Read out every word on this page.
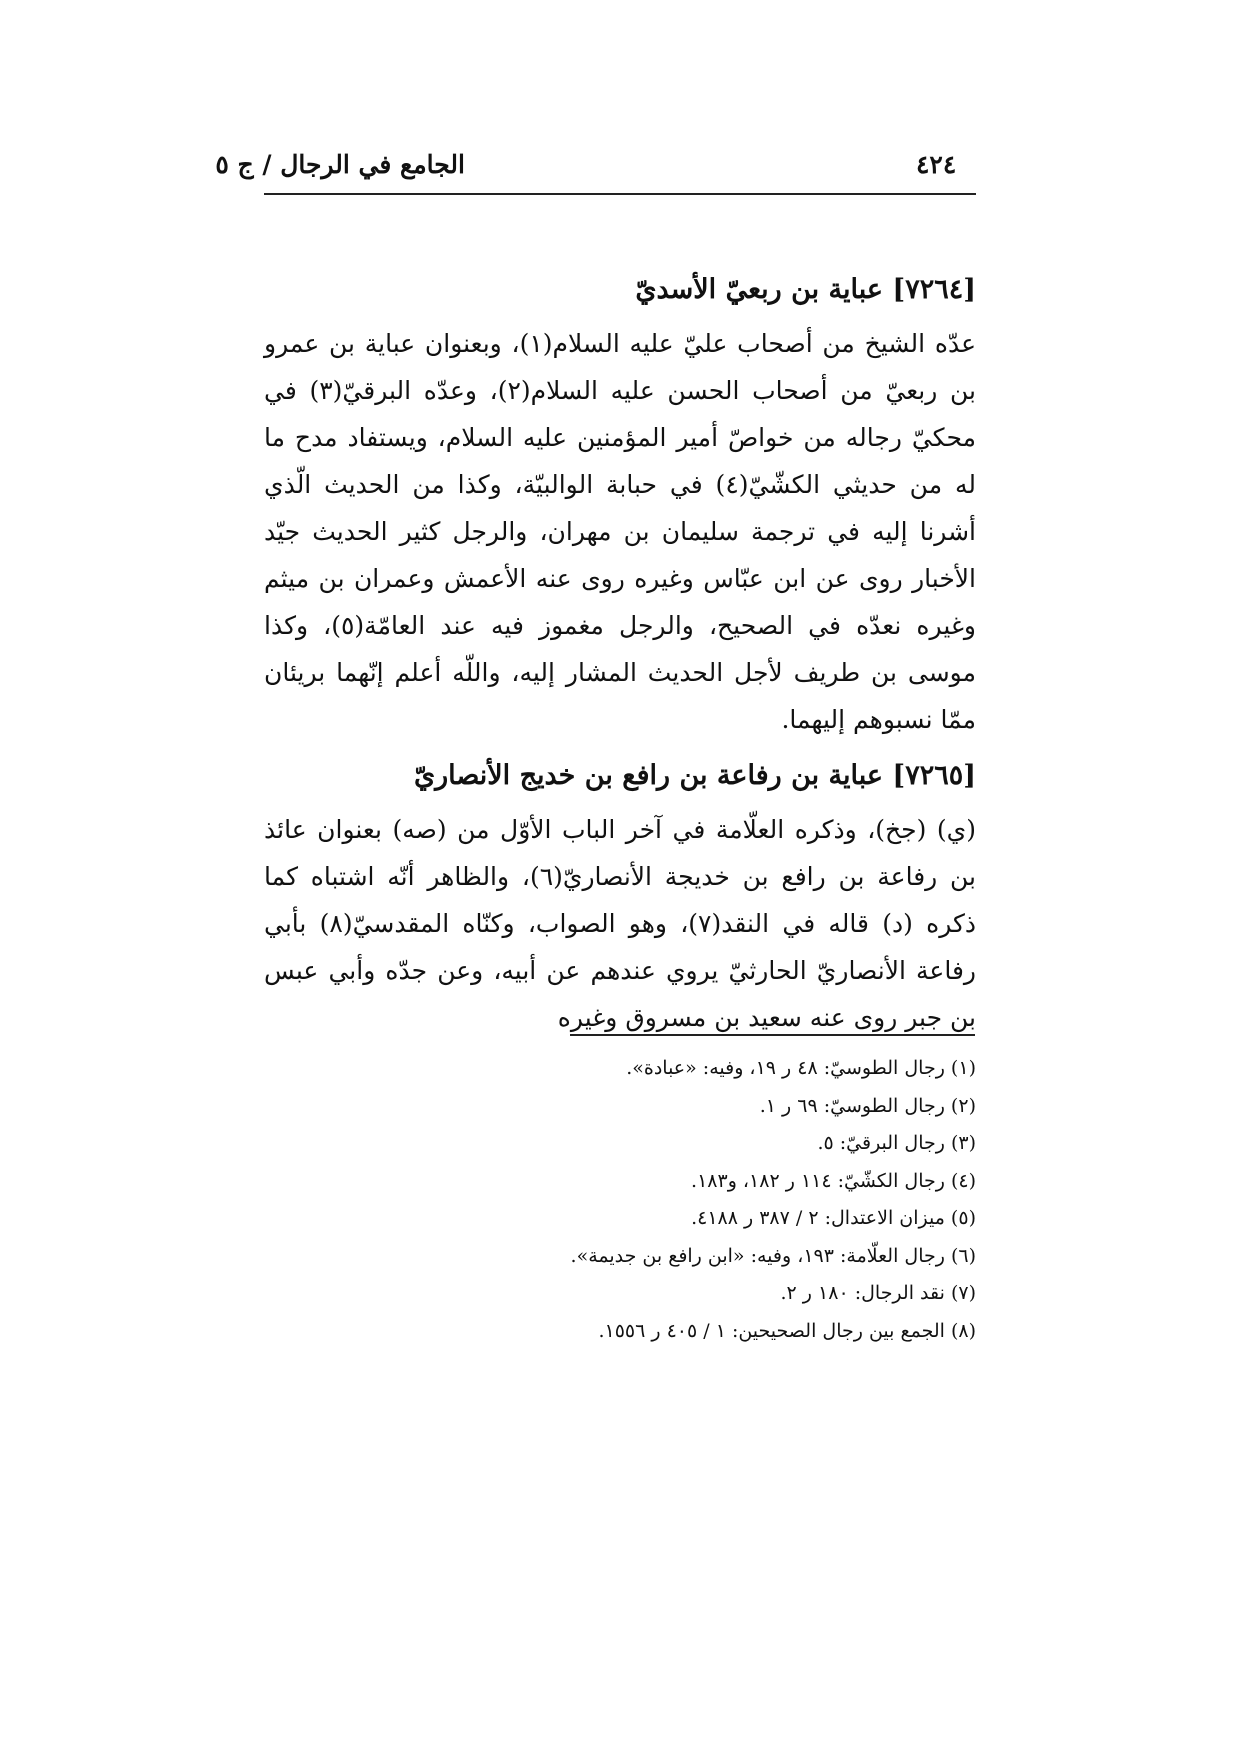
الجامع في الرجال / ج ٥	٤٢٤
[٧٢٦٤] عباية بن ربعيّ الأسديّ

عدّه الشيخ من أصحاب عليّ عليه السلام(١)، وبعنوان عباية بن عمرو بن ربعيّ من أصحاب الحسن عليه السلام(٢)، وعدّه البرقيّ(٣) في محكيّ رجاله من خواصّ أمير المؤمنين عليه السلام، ويستفاد مدح ما له من حديثي الكشّيّ(٤) في حبابة الوالبيّة، وكذا من الحديث الّذي أشرنا إليه في ترجمة سليمان بن مهران، والرجل كثير الحديث جيّد الأخبار روى عن ابن عبّاس وغيره روى عنه الأعمش وعمران بن ميثم وغيره نعدّه في الصحيح، والرجل مغموز فيه عند العامّة(٥)، وكذا موسى بن طريف لأجل الحديث المشار إليه، واللّه أعلم إنّهما بريئان ممّا نسبوهم إليهما.

[٧٢٦٥] عباية بن رفاعة بن رافع بن خديج الأنصاريّ

(ي) (جخ)، وذكره العلّامة في آخر الباب الأوّل من (صه) بعنوان عائذ بن رفاعة بن رافع بن خديجة الأنصاريّ(٦)، والظاهر أنّه اشتباه كما ذكره (د) قاله في النقد(٧)، وهو الصواب، وكنّاه المقدسيّ(٨) بأبي رفاعة الأنصاريّ الحارثيّ يروي عندهم عن أبيه، وعن جدّه وأبي عبس بن جبر روى عنه سعيد بن مسروق وغيره

(١) رجال الطوسيّ: ٤٨ ر ١٩، وفيه: «عبادة».
(٢) رجال الطوسيّ: ٦٩ ر ١.
(٣) رجال البرقيّ: ٥.
(٤) رجال الكشّيّ: ١١٤ ر ١٨٢، و١٨٣.
(٥) ميزان الاعتدال: ٢ / ٣٨٧ ر ٤١٨٨.
(٦) رجال العلّامة: ١٩٣، وفيه: «ابن رافع بن جديمة».
(٧) نقد الرجال: ١٨٠ ر ٢.
(٨) الجمع بين رجال الصحيحين: ١ / ٤٠٥ ر ١٥٥٦.
